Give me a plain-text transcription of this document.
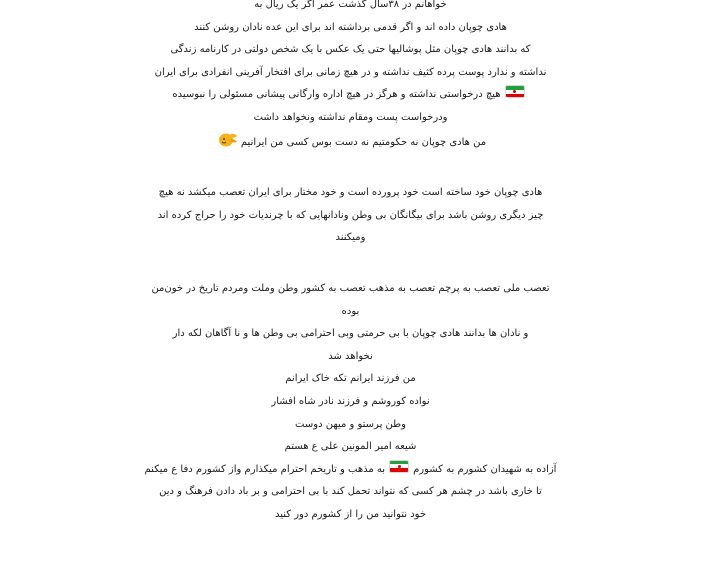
خواهانم در ۳۸سال گذشت عمر اگر یک ریال به
هادی چوپان داده اند و اگر قدمی برداشته اند برای این عده نادان روشن کنند
که بدانند هادی چوپان مثل پوشالیها حتی یک عکس با یک شخص دولتی در کارنامه زندگی
نداشته و ندارد پوست پرده کثیف نداشته و در هیچ زمانی برای افتخار آفرینی انفرادی برای ایران
هیچ درخواستی نداشته و هرگز در هیچ اداره وارگانی پیشانی مسئولی را نبوسیده
ودرخواست پست ومقام نداشته ونخواهد داشت
من هادی چوپان نه حکومتیم نه دست بوس کسی من ایرانیم
هادی چوپان خود ساخته است خود پرورده است و خود مختار برای ایران تعصب میکشد نه هیچ
چیز دیگری روشن باشد برای بیگانگان بی وطن ونادانهایی که با چرندیات خود را حراج کرده اند
ومیکنند
تعصب ملی تعصب به پرچم تعصب به مذهب تعصب به کشور وطن وملت ومردم تاریخ در خون‌من
بوده
و نادان ها بدانند هادی چوپان با بی حرمتی وبی احترامی بی وطن ها و نا آگاهان لکه دار
نخواهد شد
من فرزند ایرانم تکه خاک ایرانم
نواده کوروشم و فرزند نادر شاه افشار
وطن پرستو و میهن دوست
شیعه امیر المونین علی ع هستم
آزاده به شهیدان کشورم به کشورم
به مذهب و تاریخم احترام میکذارم واز کشورم دفا ع میکنم
تا خاری باشد در چشم هر کسی که نتواند تحمل کند با بی احترامی و بر باد دادن فرهنگ و دین
خود نتوانید من را از کشورم دور کنید
